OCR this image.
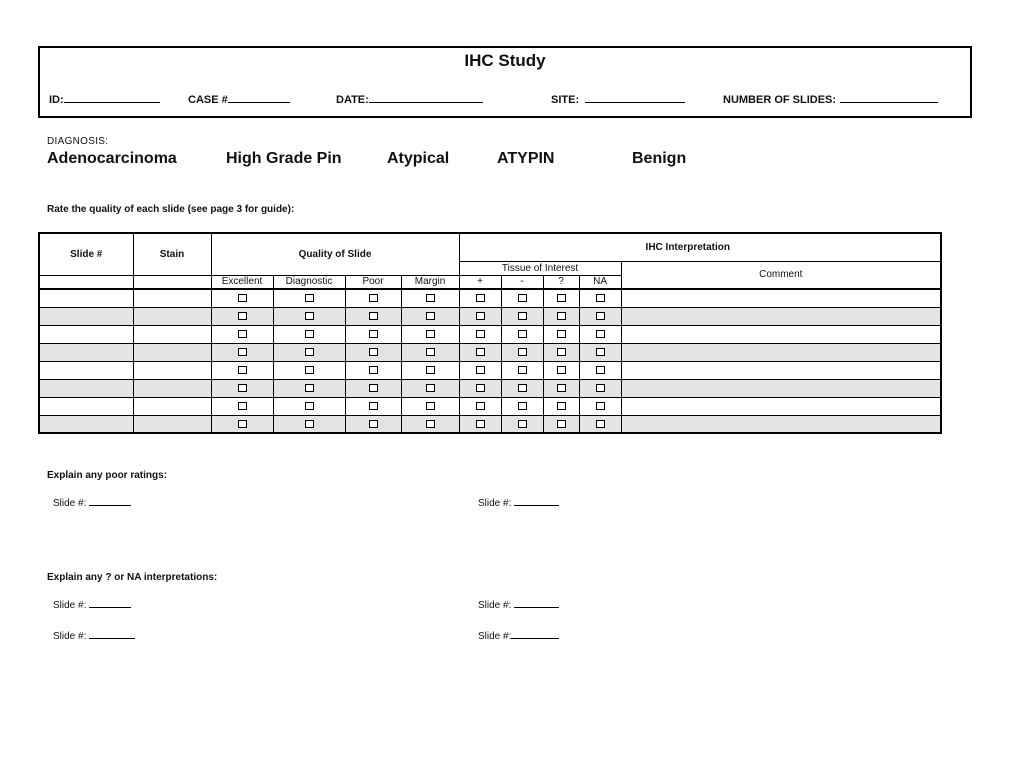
IHC Study
ID:	CASE #	DATE:	SITE:	NUMBER OF SLIDES:
DIAGNOSIS:
Adenocarcinoma	High Grade Pin	Atypical	ATYPIN	Benign
Rate the quality of each slide (see page 3 for guide):
Slide #	Stain	Quality of Slide				IHC Interpretation				
						Tissue of Interest				Comment
		Excellent	Diagnostic	Poor	Margin	+	-	?	NA	

Explain any poor ratings:
Slide #:	Slide #:
Explain any ? or NA interpretations:
Slide #:	Slide #:
Slide #:	Slide #:
